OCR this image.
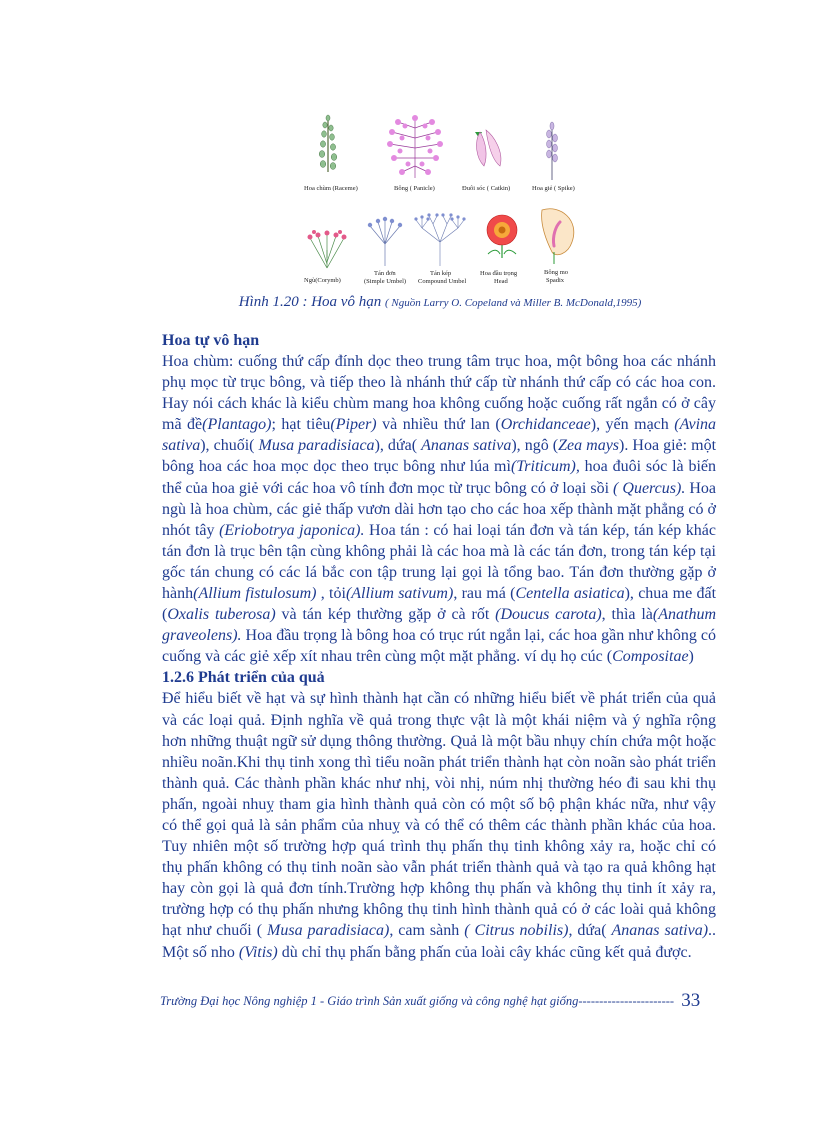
Hoa chùm (Raceme)	Bông ( Panicle)	Đuôi sóc ( Catkin)	Hoa giẻ ( Spike)
Ngù(Corymb)
Tán đơn
(Simple Umbel)
Tán kép
Compound Umbel
Hoa đầu trọng
Head
Bông mo
Spadix
Hình 1.20 : Hoa vô hạn ( Nguồn Larry O. Copeland và Miller B. McDonald,1995)
Hoa tự vô hạn

Hoa chùm: cuống thứ cấp đính dọc theo trung tâm trục hoa, một bông hoa các nhánh phụ mọc từ trục bông, và tiếp theo là nhánh thứ cấp từ nhánh thứ cấp có các hoa con. Hay nói cách khác là kiểu chùm mang hoa không cuống hoặc cuống rất ngắn có ở cây mã đề(Plantago); hạt tiêu(Piper) và nhiều thứ lan (Orchidanceae), yến mạch (Avina sativa), chuối( Musa paradisiaca), dứa( Ananas sativa), ngô (Zea mays). Hoa giẻ: một bông hoa các hoa mọc dọc theo trục bông như lúa mì(Triticum), hoa đuôi sóc là biến thể của hoa giẻ với các hoa vô tính đơn mọc từ trục bông có ở loại sồi ( Quercus). Hoa ngù là hoa chùm, các giẻ thấp vươn dài hơn tạo cho các hoa xếp thành mặt phẳng có ở nhót tây (Eriobotrya japonica). Hoa tán : có hai loại tán đơn và tán kép, tán kép khác tán đơn là trục bên tận cùng không phải là các hoa mà là các tán đơn, trong tán kép tại gốc tán chung có các lá bắc con tập trung lại gọi là tổng bao. Tán đơn thường gặp ở hành(Allium fistulosum) , tỏi(Allium sativum), rau má (Centella asiatica), chua me đất (Oxalis tuberosa) và tán kép thường gặp ở cà rốt (Doucus carota), thìa là(Anathum graveolens). Hoa đầu trọng là bông hoa có trục rút ngắn lại, các hoa gần như không có cuống và các giẻ xếp xít nhau trên cùng một mặt phẳng. ví dụ họ cúc (Compositae)

1.2.6 Phát triển của quả

Để hiểu biết về hạt và sự hình thành hạt cần có những hiểu biết về phát triển của quả và các loại quả. Định nghĩa về quả trong thực vật là một khái niệm và ý nghĩa rộng hơn những thuật ngữ sử dụng thông thường. Quả là một bầu nhụy chín chứa một hoặc nhiều noãn.Khi thụ tinh xong thì tiểu noãn phát triển thành hạt còn noãn sào phát triển thành quả. Các thành phần khác như nhị, vòi nhị, núm nhị thường héo đi sau khi thụ phấn, ngoài nhuỵ tham gia hình thành quả còn có một số bộ phận khác nữa, như vậy có thể gọi quả là sản phẩm của nhuỵ và có thể có thêm các thành phần khác của hoa. Tuy nhiên một số trường hợp quá trình thụ phấn thụ tinh không xảy ra, hoặc chỉ có thụ phấn không có thụ tinh noãn sào vẫn phát triển thành quả và tạo ra quả không hạt hay còn gọi là quả đơn tính.Trường hợp không thụ phấn và không thụ tinh ít xảy ra, trường hợp có thụ phấn nhưng không thụ tinh hình thành quả có ở các loài quả không hạt như chuối ( Musa paradisiaca), cam sành ( Citrus nobilis), dứa( Ananas sativa).. Một số nho (Vitis) dù chỉ thụ phấn bằng phấn của loài cây khác cũng kết quả được.

Trường Đại học Nông nghiệp 1 - Giáo trình Sản xuất giống và công nghệ hạt giống----------------------- 33
